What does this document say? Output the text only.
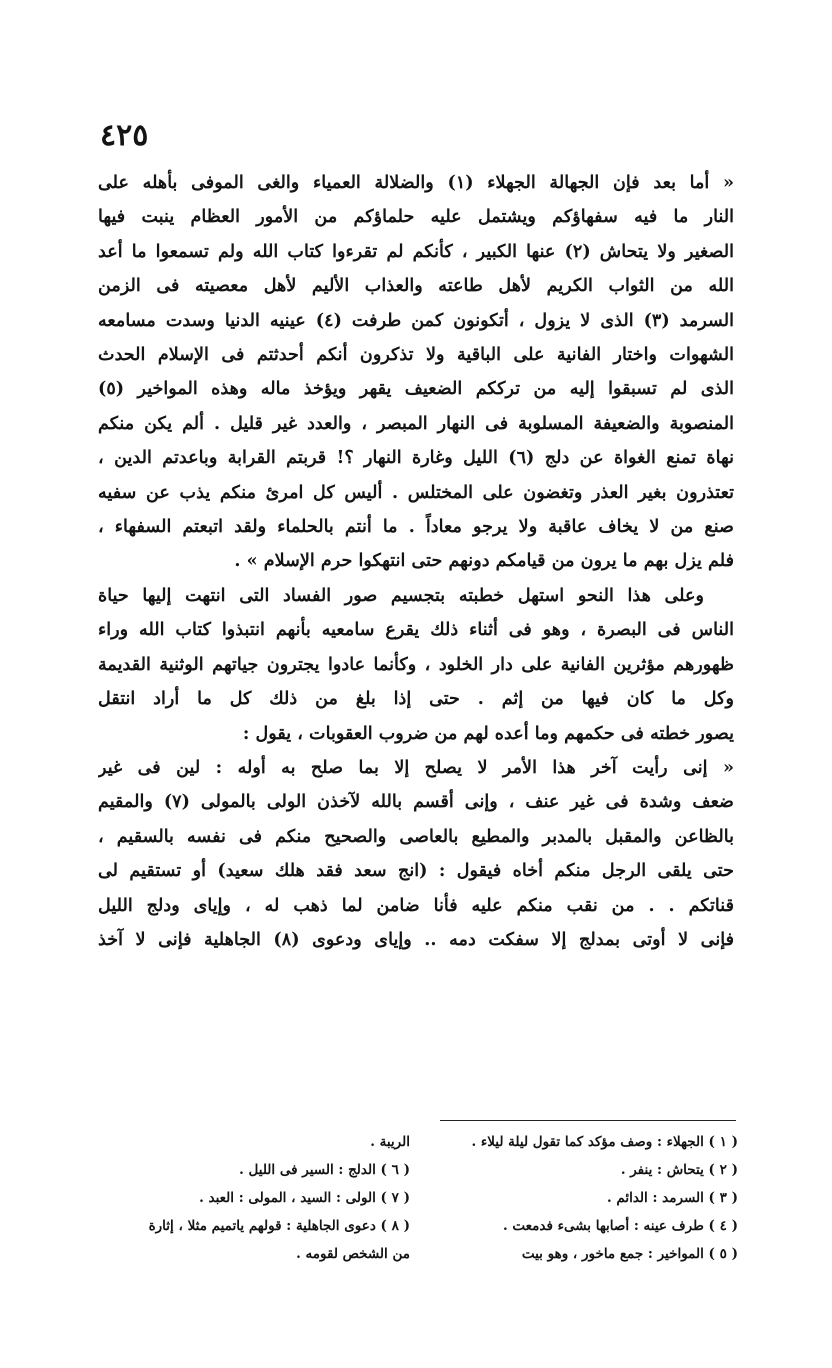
٤٢٥
« أما بعد فإن الجهالة الجهلاء (١) والضلالة العمياء والغى الموفى بأهله على
النار ما فيه سفهاؤكم ويشتمل عليه حلماؤكم من الأمور العظام ينبت فيها
الصغير ولا يتحاش (٢) عنها الكبير ، كأنكم لم تقرءوا كتاب الله ولم تسمعوا ما أعد
الله من الثواب الكريم لأهل طاعته والعذاب الأليم لأهل معصيته فى الزمن
السرمد (٣) الذى لا يزول ، أتكونون كمن طرفت (٤) عينيه الدنيا وسدت مسامعه
الشهوات واختار الفانية على الباقية ولا تذكرون أنكم أحدثتم فى الإسلام الحدث
الذى لم تسبقوا إليه من ترككم الضعيف يقهر ويؤخذ ماله وهذه المواخير (٥)
المنصوبة والضعيفة المسلوبة فى النهار المبصر ، والعدد غير قليل . ألم يكن منكم
نهاة تمنع الغواة عن دلج (٦) الليل وغارة النهار ؟! قربتم القرابة وباعدتم الدين ،
تعتذرون بغير العذر وتغضون على المختلس . أليس كل امرئ منكم يذب عن سفيه
صنع من لا يخاف عاقبة ولا يرجو معاداً . ما أنتم بالحلماء ولقد اتبعتم السفهاء ،
فلم يزل بهم ما يرون من قيامكم دونهم حتى انتهكوا حرم الإسلام » .
وعلى هذا النحو استهل خطبته بتجسيم صور الفساد التى انتهت إليها حياة
الناس فى البصرة ، وهو فى أثناء ذلك يقرع سامعيه بأنهم انتبذوا كتاب الله وراء
ظهورهم مؤثرين الفانية على دار الخلود ، وكأنما عادوا يجترون جياتهم الوثنية القديمة
وكل ما كان فيها من إثم . حتى إذا بلغ من ذلك كل ما أراد انتقل
يصور خطته فى حكمهم وما أعده لهم من ضروب العقوبات ، يقول :
« إنى رأيت آخر هذا الأمر لا يصلح إلا بما صلح به أوله : لين فى غير
ضعف وشدة فى غير عنف ، وإنى أقسم بالله لآخذن الولى بالمولى (٧) والمقيم
بالظاعن والمقبل بالمدبر والمطيع بالعاصى والصحيح منكم فى نفسه بالسقيم ،
حتى يلقى الرجل منكم أخاه فيقول : (انج سعد فقد هلك سعيد) أو تستقيم لى
قناتكم . . من نقب منكم عليه فأنا ضامن لما ذهب له ، وإياى ودلج الليل
فإنى لا أوتى بمدلج إلا سفكت دمه .. وإياى ودعوى (٨) الجاهلية فإنى لا آخذ
( ١ ) الجهلاء : وصف مؤكد كما تقول ليلة ليلاء .
( ٢ ) يتحاش : ينفر .
( ٣ ) السرمد : الدائم .
( ٤ ) طرف عينه : أصابها بشىء فدمعت .
( ٥ ) المواخير : جمع ماخور ، وهو بيت
الريبة .
( ٦ ) الدلج : السير فى الليل .
( ٧ ) الولى : السيد ، المولى : العبد .
( ٨ ) دعوى الجاهلية : قولهم ياتميم مثلا ، إثارة
من الشخص لقومه .
